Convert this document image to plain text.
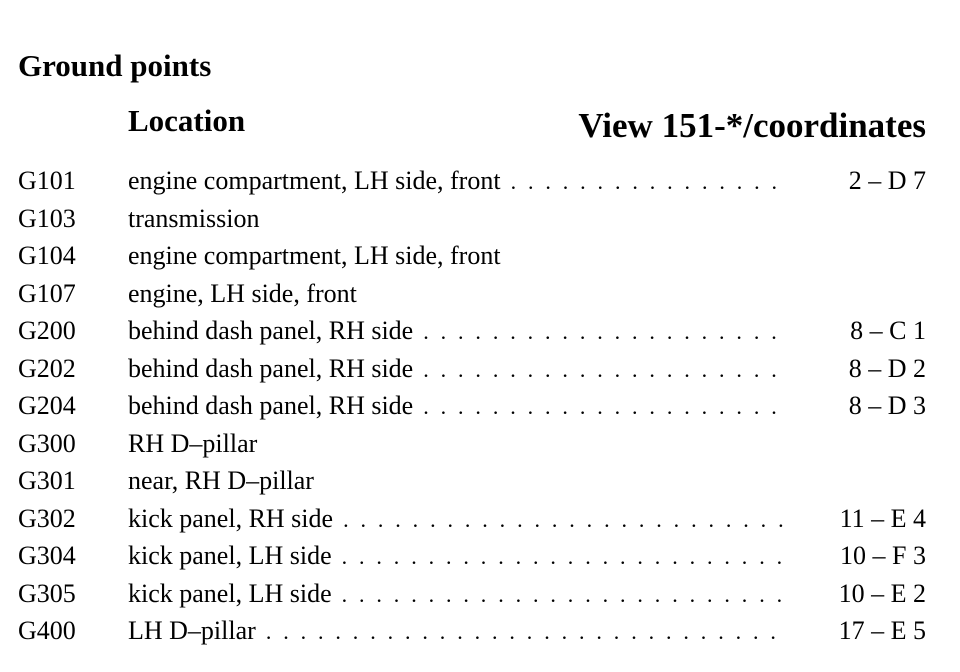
Ground points
Location	View 151-*/coordinates
G101 engine compartment, LH side, front . . .	2 – D 7
G103 transmission
G104 engine compartment, LH side, front
G107 engine, LH side, front
G200 behind dash panel, RH side . . .	8 – C 1
G202 behind dash panel, RH side . . .	8 – D 2
G204 behind dash panel, RH side . . .	8 – D 3
G300 RH D–pillar
G301 near, RH D–pillar
G302 kick panel, RH side . . .	11 – E 4
G304 kick panel, LH side . . .	10 – F 3
G305 kick panel, LH side . . .	10 – E 2
G400 LH D–pillar . . .	17 – E 5
